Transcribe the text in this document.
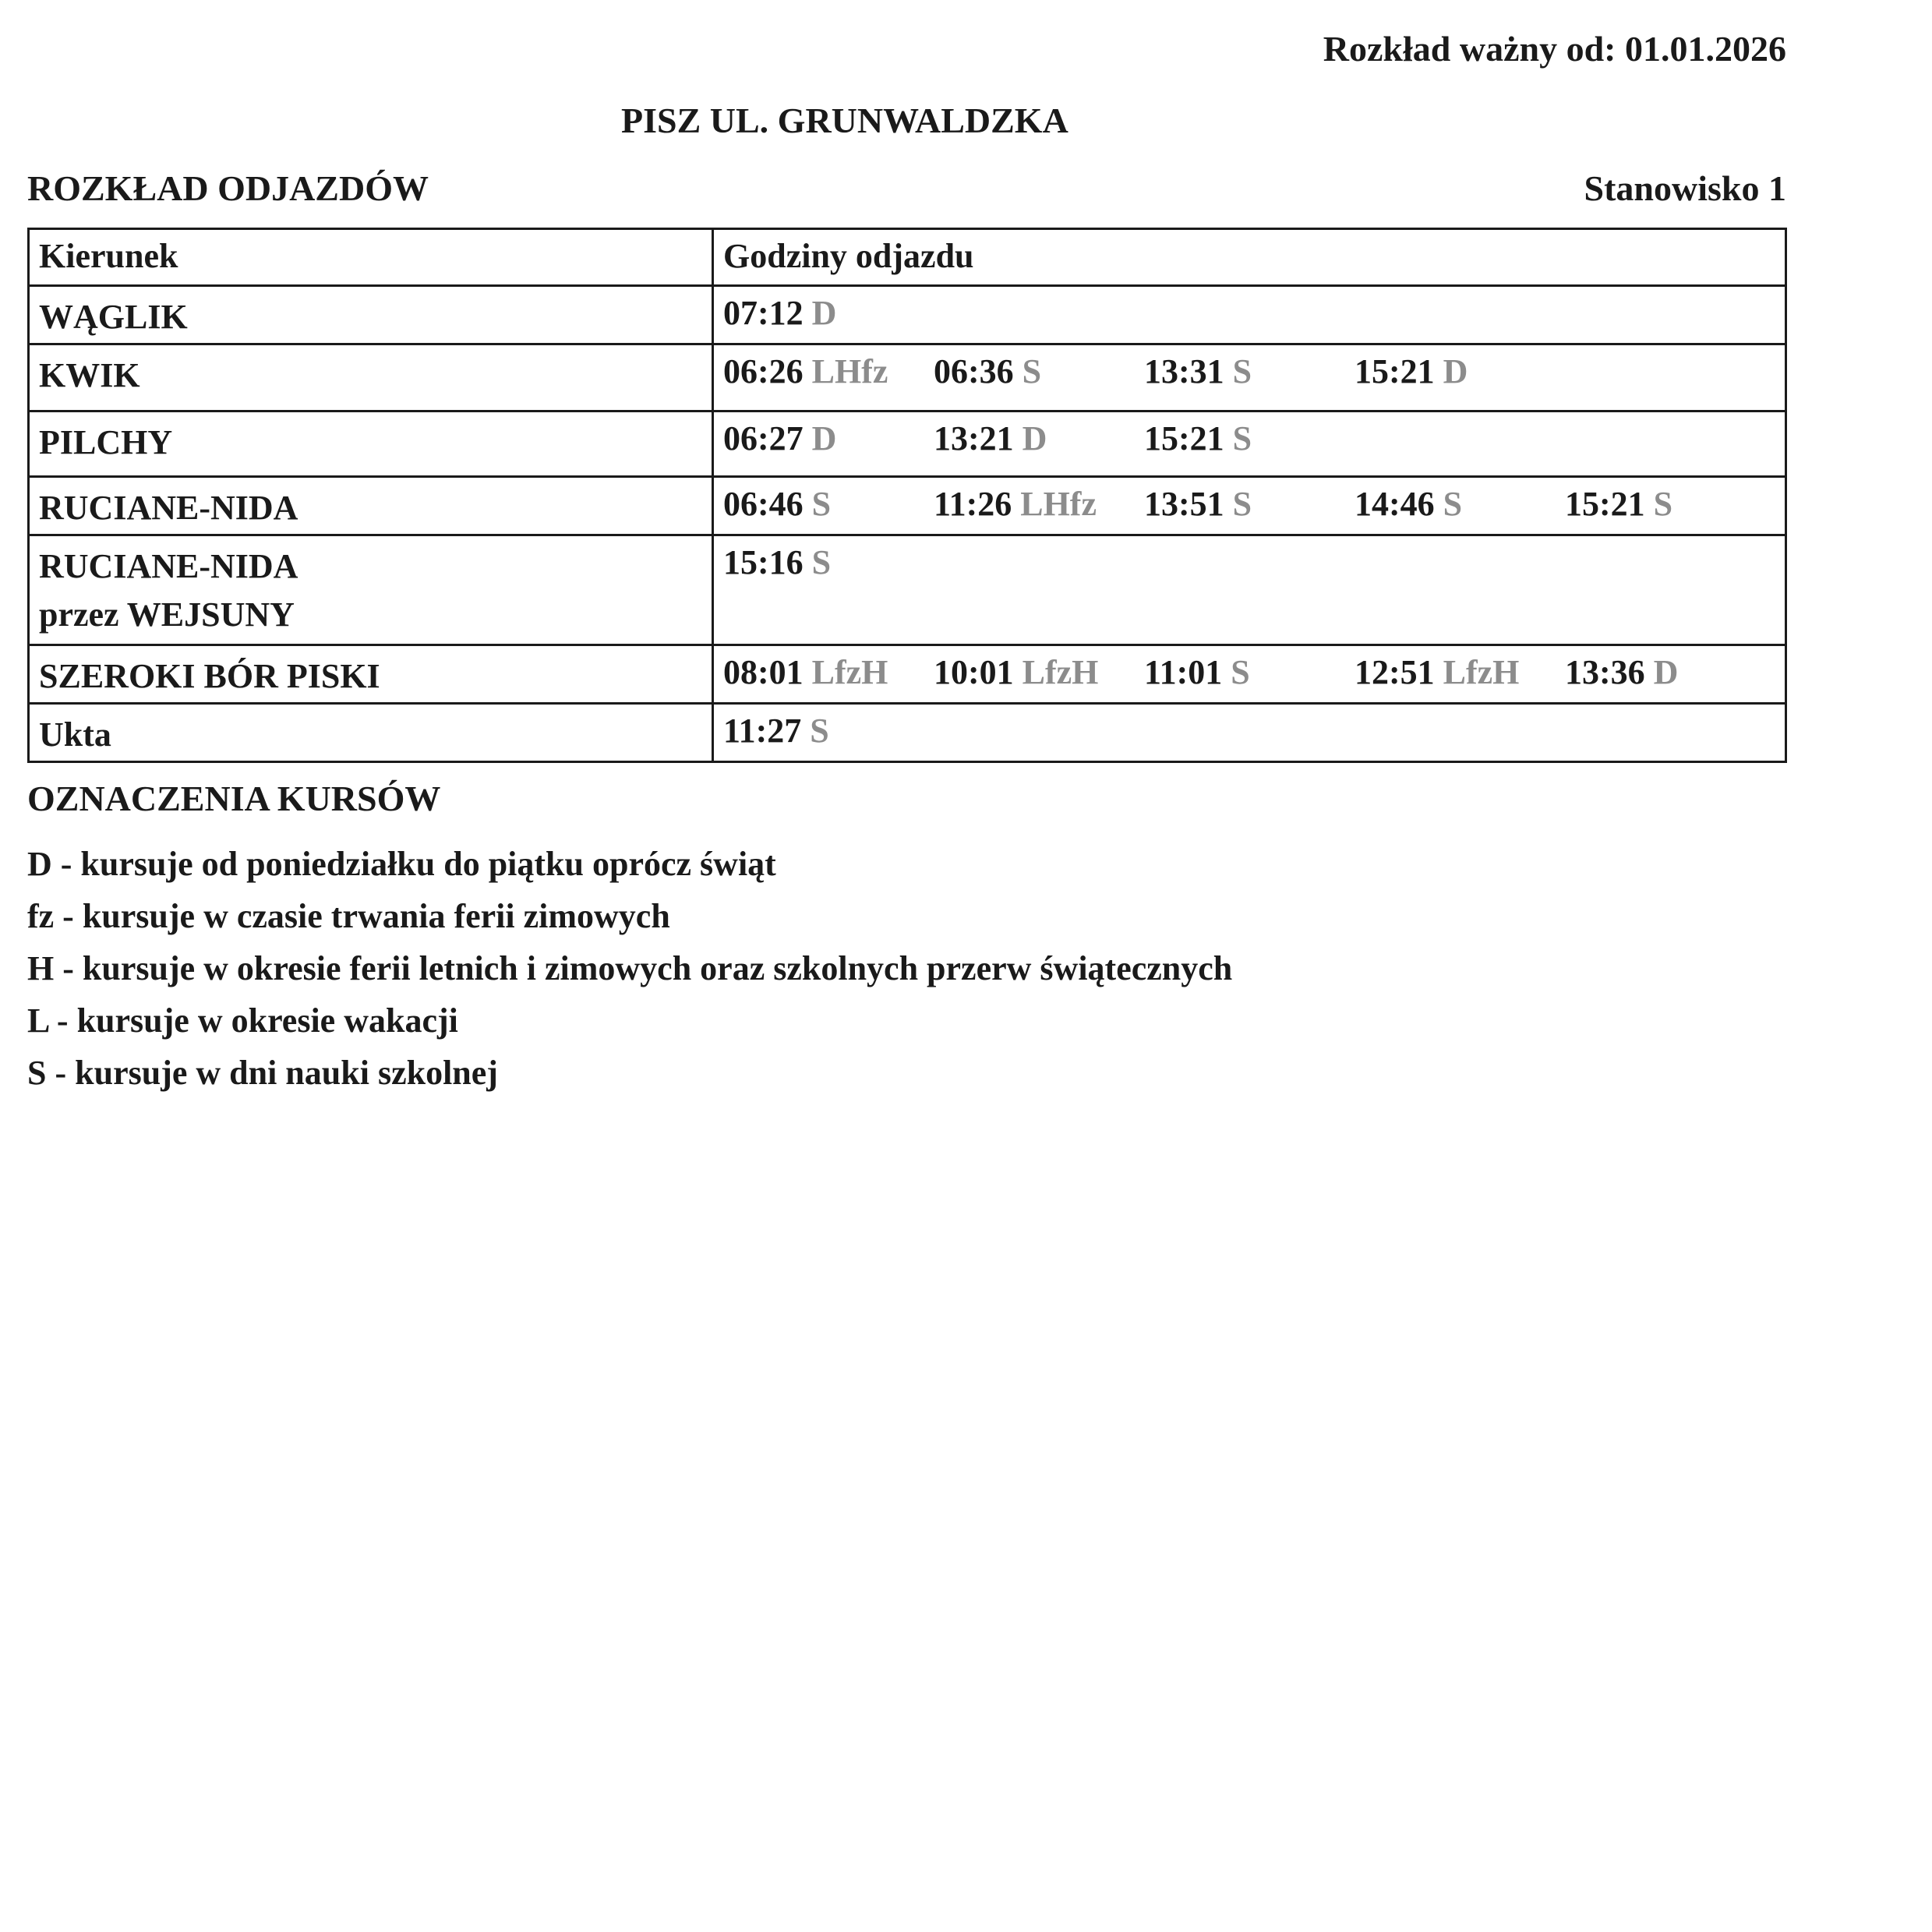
Rozkład ważny od: 01.01.2026
PISZ UL. GRUNWALDZKA
ROZKŁAD ODJAZDÓW	Stanowisko 1
Kierunek	Godziny odjazdu

WĄGLIK	07:12 D

KWIK	06:26 LHfz 06:36 S 13:31 S 15:21 D

PILCHY	06:27 D 13:21 D 15:21 S

RUCIANE-NIDA	06:46 S 11:26 LHfz 13:51 S 14:46 S 15:21 S

RUCIANE-NIDA
przez WEJSUNY	15:16 S

SZEROKI BÓR PISKI	08:01 LfzH 10:01 LfzH 11:01 S 12:51 LfzH 13:36 D

Ukta	11:27 S
OZNACZENIA KURSÓW
D - kursuje od poniedziałku do piątku oprócz świąt
fz - kursuje w czasie trwania ferii zimowych
H - kursuje w okresie ferii letnich i zimowych oraz szkolnych przerw świątecznych
L - kursuje w okresie wakacji
S - kursuje w dni nauki szkolnej
